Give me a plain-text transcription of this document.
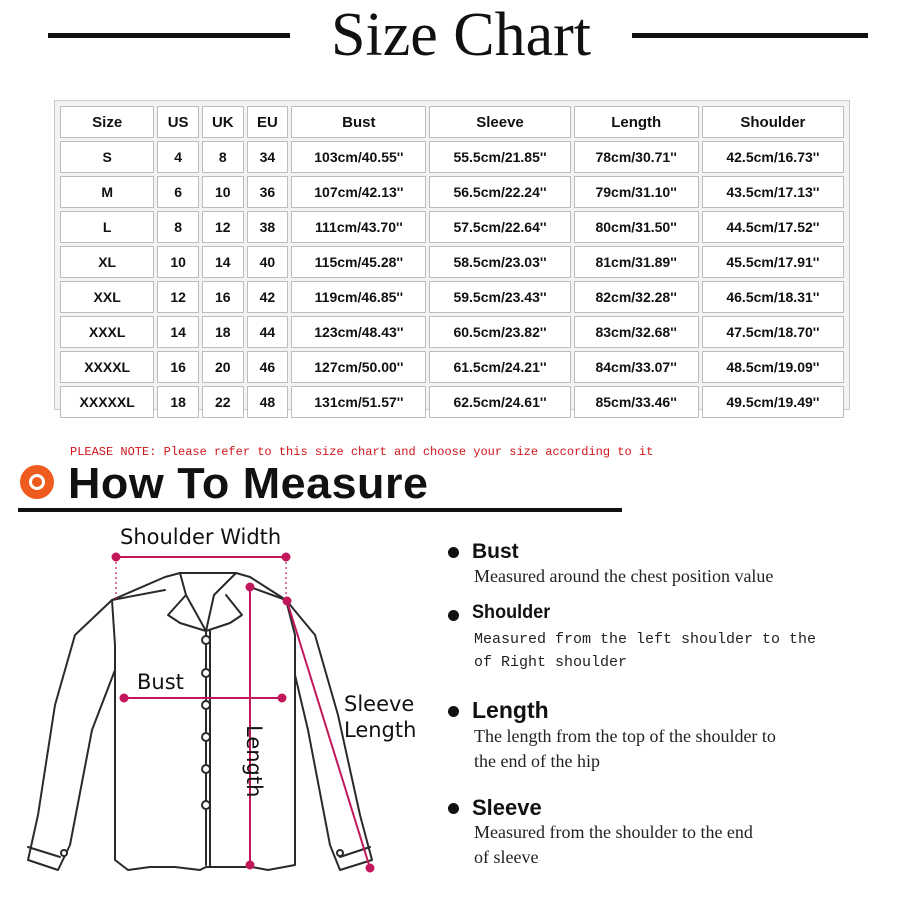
Size Chart
Size	US	UK	EU	Bust	Sleeve	Length	Shoulder
S	4	8	34	103cm/40.55''	55.5cm/21.85''	78cm/30.71''	42.5cm/16.73''
M	6	10	36	107cm/42.13''	56.5cm/22.24''	79cm/31.10''	43.5cm/17.13''
L	8	12	38	111cm/43.70''	57.5cm/22.64''	80cm/31.50''	44.5cm/17.52''
XL	10	14	40	115cm/45.28''	58.5cm/23.03''	81cm/31.89''	45.5cm/17.91''
XXL	12	16	42	119cm/46.85''	59.5cm/23.43''	82cm/32.28''	46.5cm/18.31''
XXXL	14	18	44	123cm/48.43''	60.5cm/23.82''	83cm/32.68''	47.5cm/18.70''
XXXXL	16	20	46	127cm/50.00''	61.5cm/24.21''	84cm/33.07''	48.5cm/19.09''
XXXXXL	18	22	48	131cm/51.57''	62.5cm/24.61''	85cm/33.46''	49.5cm/19.49''
PLEASE NOTE: Please refer to this size chart and choose your size according to it
How To Measure
Shoulder Width
Bust
Sleeve
Length
Length
Bust
Measured around the chest position value
Shoulder
Measured from the left shoulder to the
of Right shoulder
Length
The length from the top of the shoulder to
the end of the hip
Sleeve
Measured from the shoulder to the end
of sleeve
